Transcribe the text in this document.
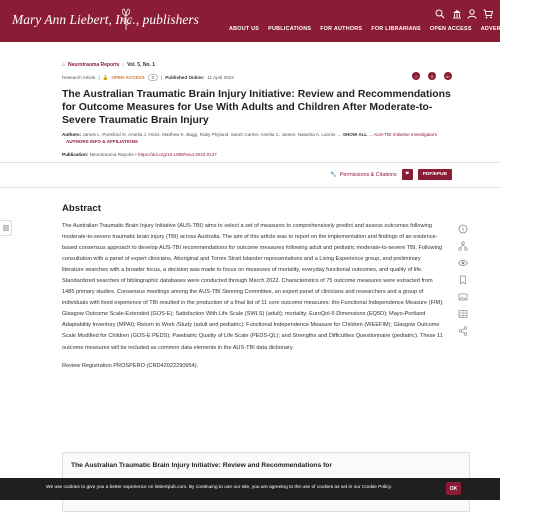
Mary Ann Liebert, Inc., publishers
ABOUT US PUBLICATIONS FOR AUTHORS FOR LIBRARIANS OPEN ACCESS ADVERTISING CUSTOM
⌂ Neurotrauma Reports › Vol. 5, No. 1
Research Article | 🔓 OPEN ACCESS	0	| Published Online: 11 April 2024	f	✕	in
The Australian Traumatic Brain Injury Initiative: Review and Recommendations for Outcome Measures for Use With Adults and Children After Moderate-to-Severe Traumatic Brain Injury
Authors: James L. Ponsford ✉, Amelia J. Hicks, Matthew K. Bagg, Ruby Phyland, Sarah Carrier, Amelia C. James, Natasha A. Lannin, ... SHOW ALL ... AUS-TBI Initiative Investigators AUTHORS INFO & AFFILIATIONS
Publication: Neurotrauma Reports • https://doi.org/10.1089/neur.2023.0127
🔧 Permissions & Citations	❞	PDF/EPUB
Abstract

The Australian Traumatic Brain Injury Initiative (AUS-TBI) aims to select a set of measures to comprehensively predict and assess outcomes following moderate-to-severe traumatic brain injury (TBI) across Australia. The aim of this article was to report on the implementation and findings of an evidence-based consensus approach to develop AUS-TBI recommendations for outcome measures following adult and pediatric moderate-to-severe TBI. Following consultation with a panel of expert clinicians, Aboriginal and Torres Strait Islander representatives and a Living Experience group, and preliminary literature searches with a broader focus, a decision was made to focus on measures of mortality, everyday functional outcomes, and quality of life. Standardized searches of bibliographic databases were conducted through March 2022. Characteristics of 75 outcome measures were extracted from 1485 primary studies. Consensus meetings among the AUS-TBI Steering Committee, an expert panel of clinicians and researchers and a group of individuals with lived experience of TBI resulted in the production of a final list of 11 core outcome measures: the Functional Independence Measure (FIM); Glasgow Outcome Scale-Extended (GOS-E); Satisfaction With Life Scale (SWLS) (adult); mortality; EuroQol-5 Dimensions (EQ5D); Mayo-Portland Adaptability Inventory (MPAI); Return to Work /Study (adult and pediatric); Functional Independence Measure for Children (WEEFIM); Glasgow Outcome Scale Modified for Children (GOS-E PEDS); Paediatric Quality of Life Scale (PEDS-QL); and Strengths and Difficulties Questionnaire (pediatric). These 11 outcome measures will be included as common data elements in the AUS-TBI data dictionary.

Review Registration PROSPERO (CRD42022290954).

The Australian Traumatic Brain Injury Initiative: Review and Recommendations for
We use cookies to give you a better experience on liebertpub.com. By continuing to use our site, you are agreeing to the use of cookies as set in our Cookie Policy.	OK
